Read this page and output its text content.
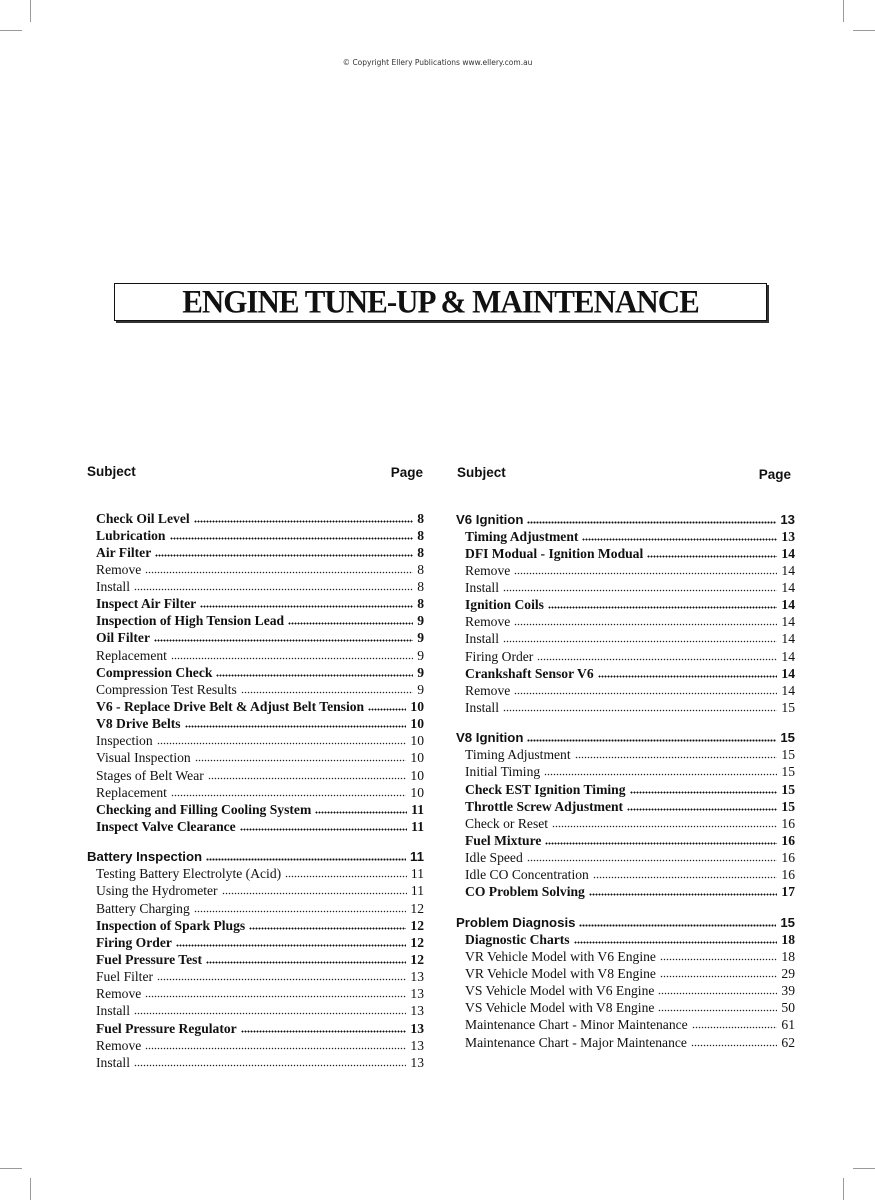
© Copyright Ellery Publications www.ellery.com.au
ENGINE TUNE-UP & MAINTENANCE
Subject	Page
Check Oil Level	8
Lubrication	8
Air Filter	8
Remove	8
Install	8
Inspect Air Filter	8
Inspection of High Tension Lead	9
Oil Filter	9
Replacement	9
Compression Check	9
Compression Test Results	9
V6 - Replace Drive Belt & Adjust Belt Tension	10
V8 Drive Belts	10
Inspection	10
Visual Inspection	10
Stages of Belt Wear	10
Replacement	10
Checking and Filling Cooling System	11
Inspect Valve Clearance	11
Battery Inspection	11
Testing Battery Electrolyte (Acid)	11
Using the Hydrometer	11
Battery Charging	12
Inspection of Spark Plugs	12
Firing Order	12
Fuel Pressure Test	12
Fuel Filter	13
Remove	13
Install	13
Fuel Pressure Regulator	13
Remove	13
Install	13
Subject	Page
V6 Ignition	13
Timing Adjustment	13
DFI Modual - Ignition Modual	14
Remove	14
Install	14
Ignition Coils	14
Remove	14
Install	14
Firing Order	14
Crankshaft Sensor V6	14
Remove	14
Install	15
V8 Ignition	15
Timing Adjustment	15
Initial Timing	15
Check EST Ignition Timing	15
Throttle Screw Adjustment	15
Check or Reset	16
Fuel Mixture	16
Idle Speed	16
Idle CO Concentration	16
CO Problem Solving	17
Problem Diagnosis	15
Diagnostic Charts	18
VR Vehicle Model with V6 Engine	18
VR Vehicle Model with V8 Engine	29
VS Vehicle Model with V6 Engine	39
VS Vehicle Model with V8 Engine	50
Maintenance Chart - Minor Maintenance	61
Maintenance Chart - Major Maintenance	62
